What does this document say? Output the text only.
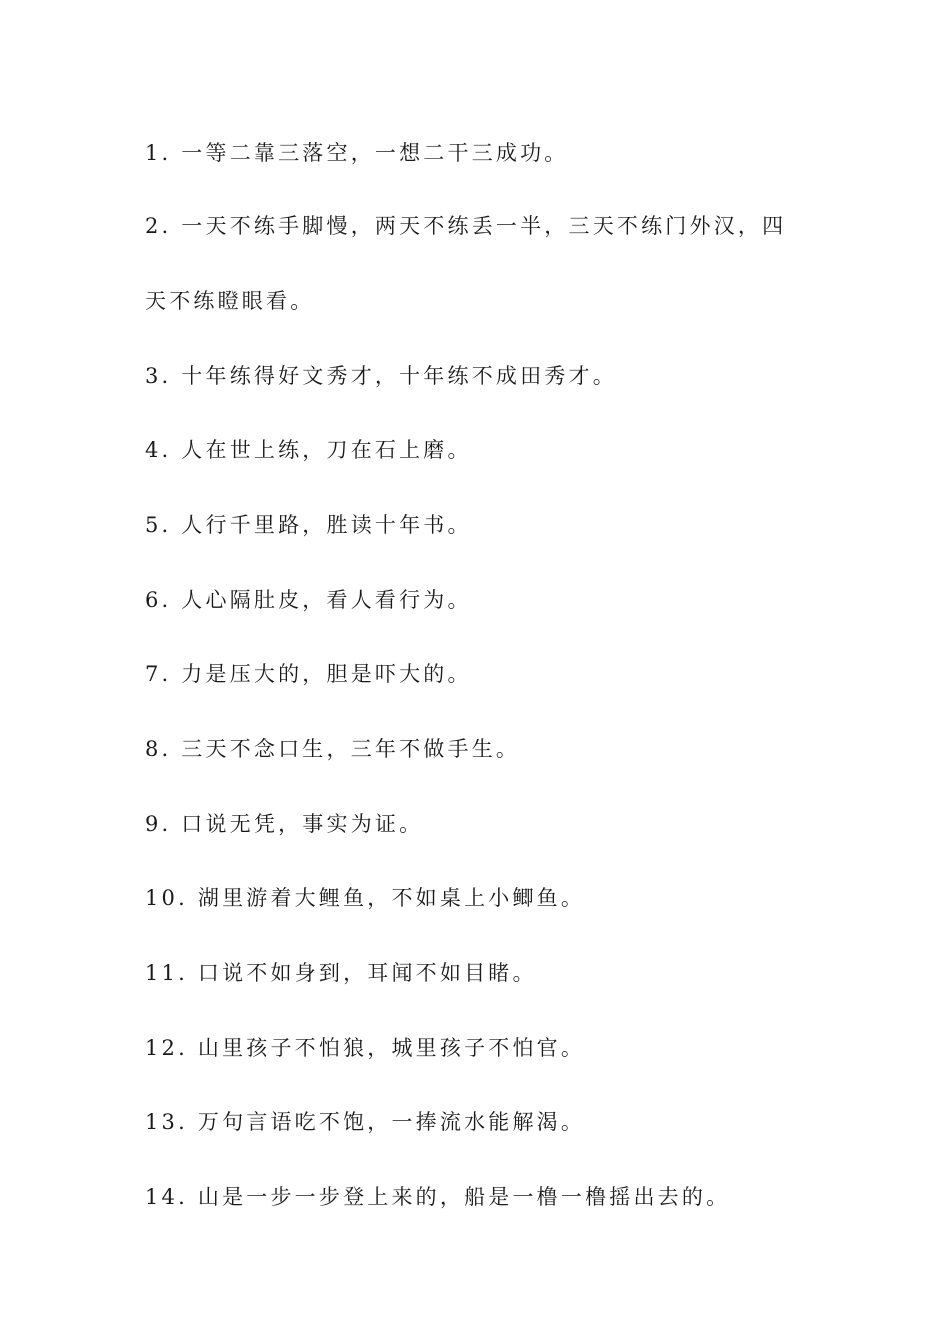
1. 一等二靠三落空，一想二干三成功。
2. 一天不练手脚慢，两天不练丢一半，三天不练门外汉，四
天不练瞪眼看。
3. 十年练得好文秀才，十年练不成田秀才。
4. 人在世上练，刀在石上磨。
5. 人行千里路，胜读十年书。
6. 人心隔肚皮，看人看行为。
7. 力是压大的，胆是吓大的。
8. 三天不念口生，三年不做手生。
9. 口说无凭，事实为证。
10. 湖里游着大鲤鱼，不如桌上小鲫鱼。
11. 口说不如身到，耳闻不如目睹。
12. 山里孩子不怕狼，城里孩子不怕官。
13. 万句言语吃不饱，一捧流水能解渴。
14. 山是一步一步登上来的，船是一橹一橹摇出去的。
